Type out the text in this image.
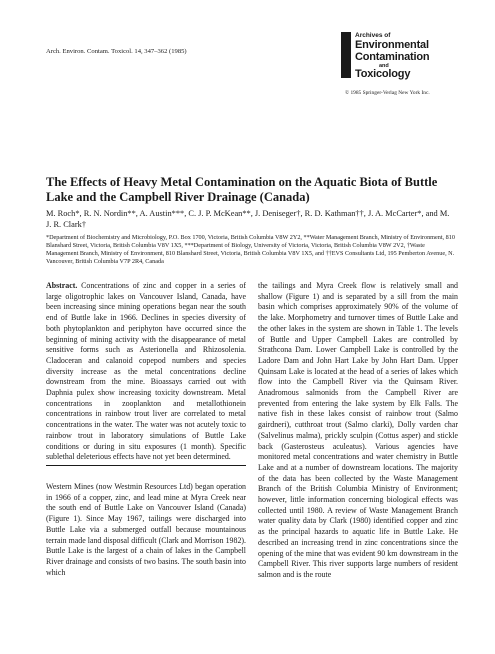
Arch. Environ. Contam. Toxicol. 14, 347–362 (1985)
Archives of
Environmental
Contamination
and
Toxicology
© 1985 Springer-Verlag New York Inc.
The Effects of Heavy Metal Contamination on the Aquatic Biota of Buttle Lake and the Campbell River Drainage (Canada)
M. Roch*, R. N. Nordin**, A. Austin***, C. J. P. McKean**, J. Deniseger†, R. D. Kathman††, J. A. McCarter*, and M. J. R. Clark†
*Department of Biochemistry and Microbiology, P.O. Box 1700, Victoria, British Columbia V8W 2Y2, **Water Management Branch, Ministry of Environment, 810 Blanshard Street, Victoria, British Columbia V8V 1X5, ***Department of Biology, University of Victoria, Victoria, British Columbia V8W 2V2, †Waste Management Branch, Ministry of Environment, 810 Blanshard Street, Victoria, British Columbia V8V 1X5, and ††EVS Consultants Ltd, 195 Pemberton Avenue, N. Vancouver, British Columbia V7P 2R4, Canada

Abstract. Concentrations of zinc and copper in a series of large oligotrophic lakes on Vancouver Island, Canada, have been increasing since mining operations began near the south end of Buttle lake in 1966. Declines in species diversity of both phytoplankton and periphyton have occurred since the beginning of mining activity with the disappearance of metal sensitive forms such as Asterionella and Rhizosolenia. Cladoceran and calanoid copepod numbers and species diversity increase as the metal concentrations decline downstream from the mine. Bioassays carried out with Daphnia pulex show increasing toxicity downstream. Metal concentrations in zooplankton and metallothionein concentrations in rainbow trout liver are correlated to metal concentrations in the water. The water was not acutely toxic to rainbow trout in laboratory simulations of Buttle Lake conditions or during in situ exposures (1 month). Specific sublethal deleterious effects have not yet been determined.

Western Mines (now Westmin Resources Ltd) began operation in 1966 of a copper, zinc, and lead mine at Myra Creek near the south end of Buttle Lake on Vancouver Island (Canada) (Figure 1). Since May 1967, tailings were discharged into Buttle Lake via a submerged outfall because mountainous terrain made land disposal difficult (Clark and Morrison 1982). Buttle Lake is the largest of a chain of lakes in the Campbell River drainage and consists of two basins. The south basin into which

the tailings and Myra Creek flow is relatively small and shallow (Figure 1) and is separated by a sill from the main basin which comprises approximately 90% of the volume of the lake. Morphometry and turnover times of Buttle Lake and the other lakes in the system are shown in Table 1. The levels of Buttle and Upper Campbell Lakes are controlled by Strathcona Dam. Lower Campbell Lake is controlled by the Ladore Dam and John Hart Lake by John Hart Dam. Upper Quinsam Lake is located at the head of a series of lakes which flow into the Campbell River via the Quinsam River. Anadromous salmonids from the Campbell River are prevented from entering the lake system by Elk Falls. The native fish in these lakes consist of rainbow trout (Salmo gairdneri), cutthroat trout (Salmo clarki), Dolly varden char (Salvelinus malma), prickly sculpin (Cottus asper) and stickle back (Gasterosteus aculeatus). Various agencies have monitored metal concentrations and water chemistry in Buttle Lake and at a number of downstream locations. The majority of the data has been collected by the Waste Management Branch of the British Columbia Ministry of Environment; however, little information concerning biological effects was collected until 1980. A review of Waste Management Branch water quality data by Clark (1980) identified copper and zinc as the principal hazards to aquatic life in Buttle Lake. He described an increasing trend in zinc concentrations since the opening of the mine that was evident 90 km downstream in the Campbell River. This river supports large numbers of resident salmon and is the route
